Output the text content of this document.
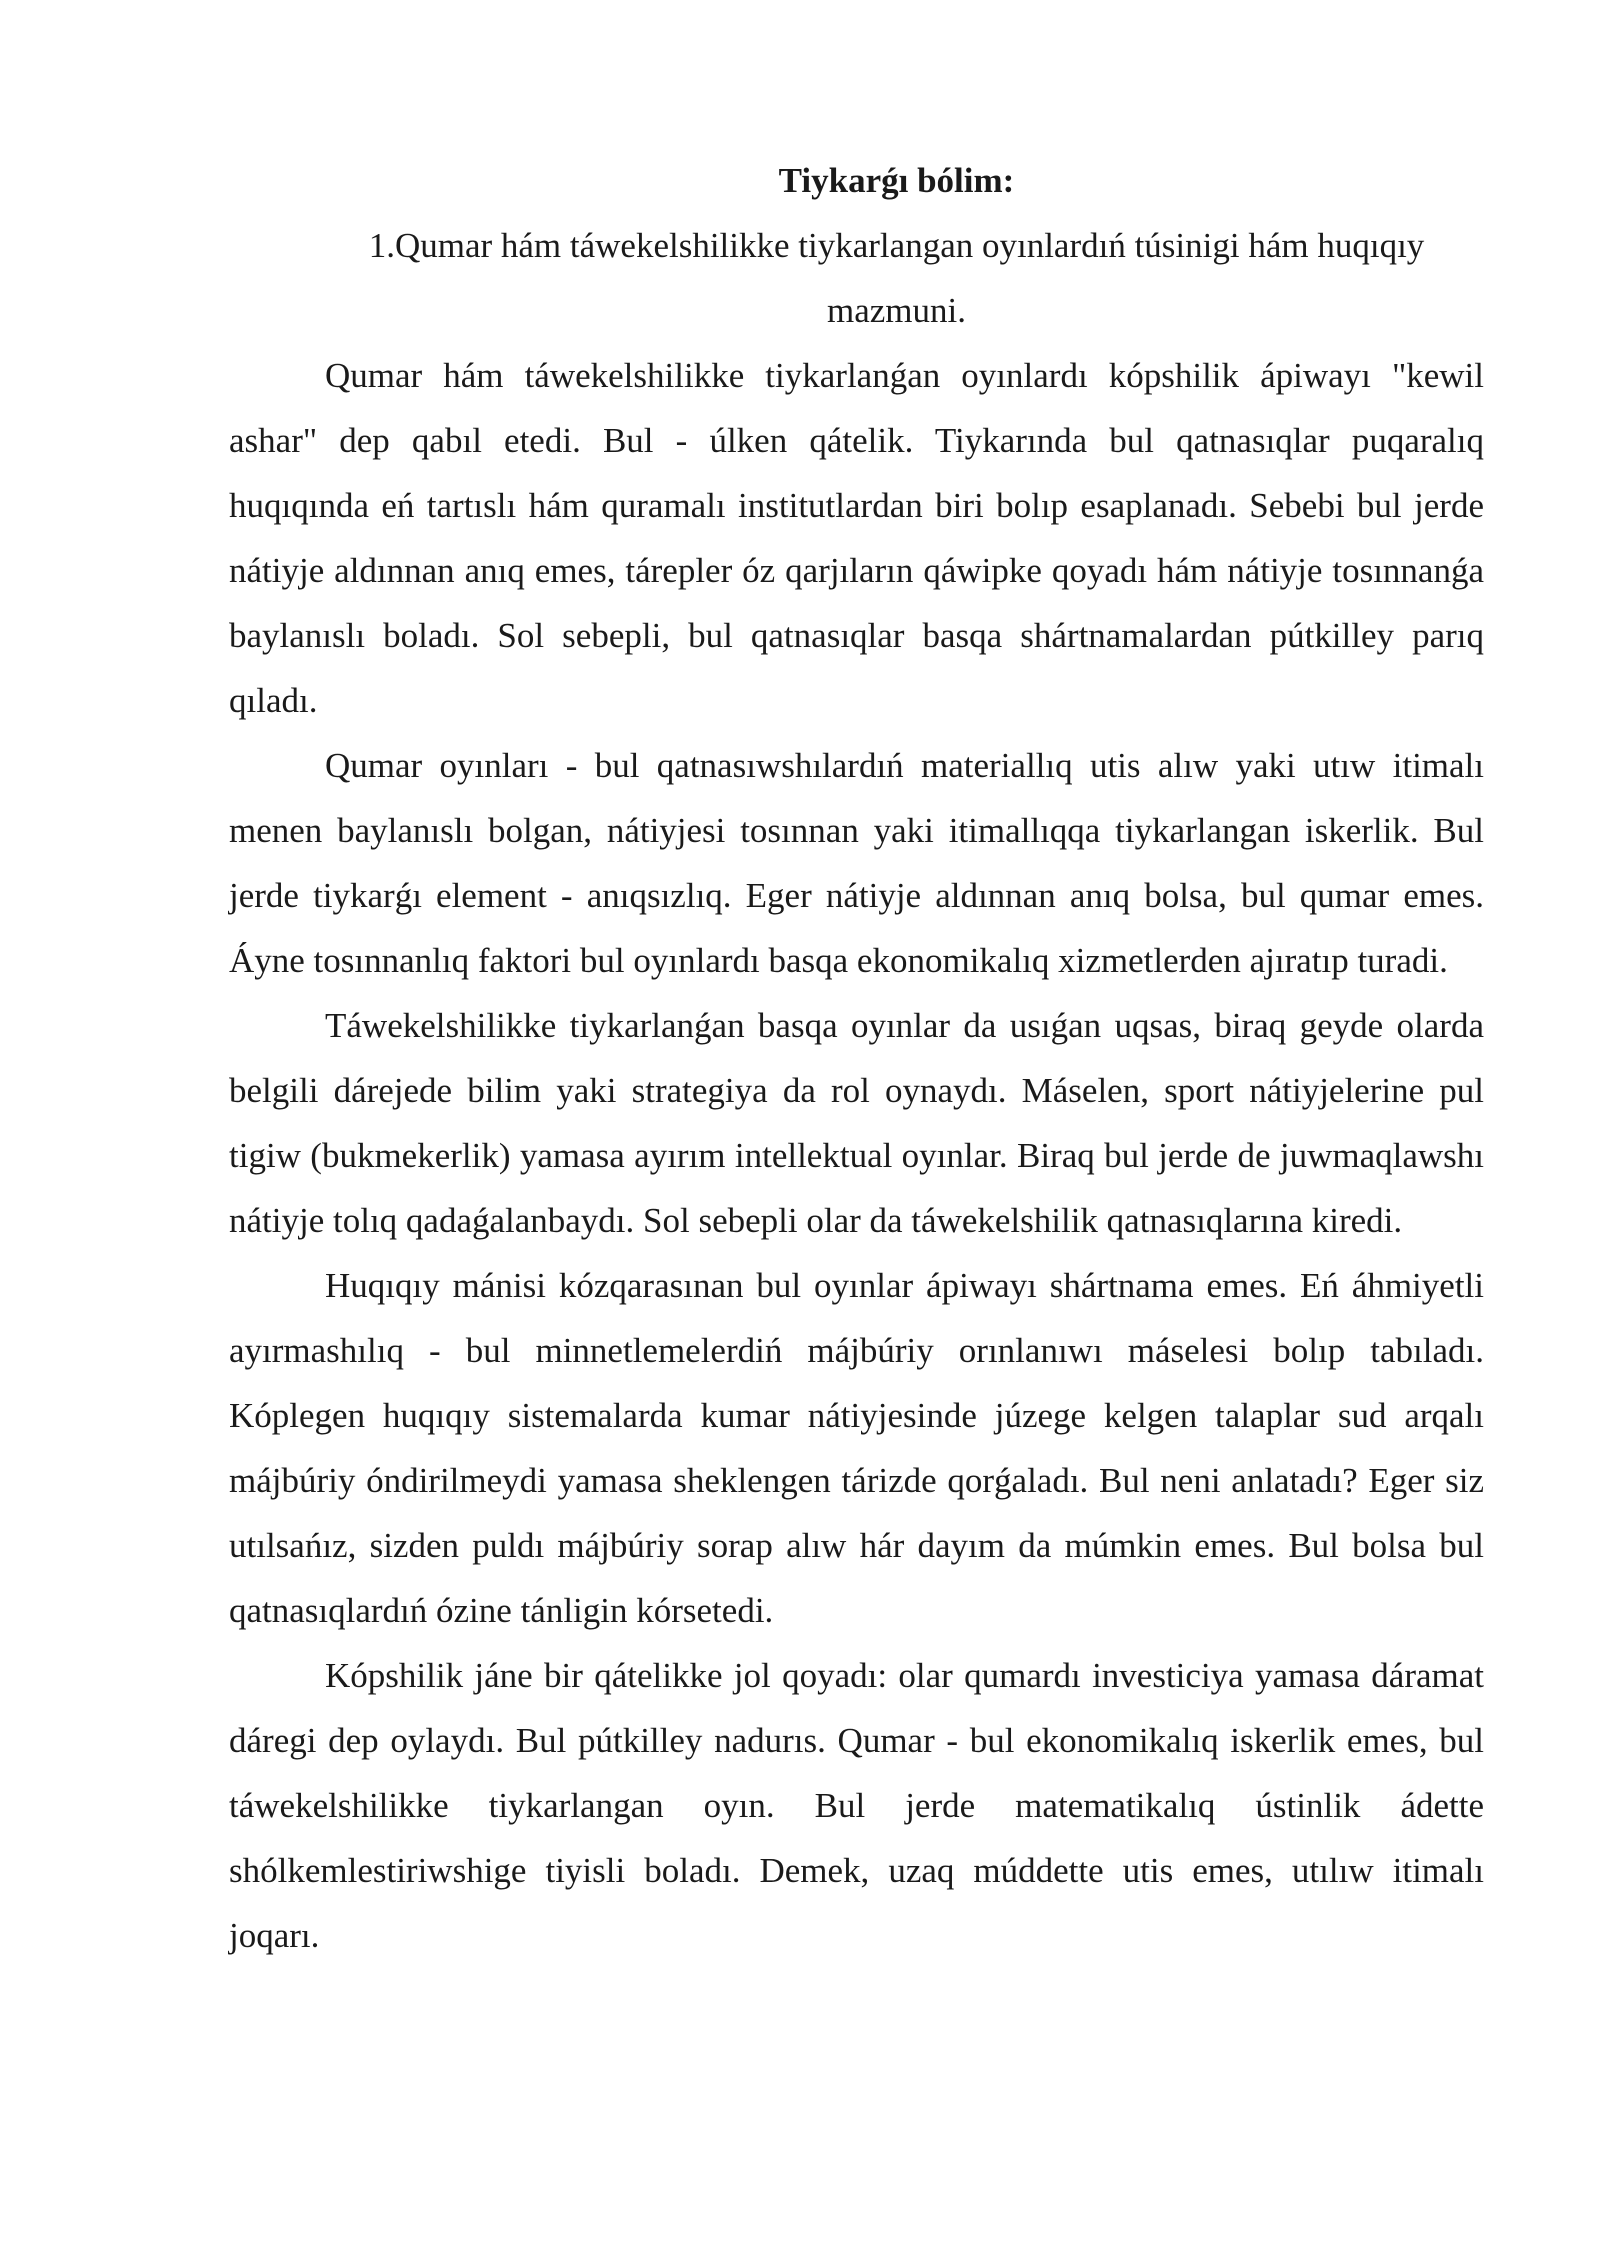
Tiykarǵı bólim:

1.Qumar hám táwekelshilikke tiykarlangan oyınlardıń túsinigi hám huqıqıy mazmuni.

Qumar hám táwekelshilikke tiykarlanǵan oyınlardı kópshilik ápiwayı "kewil ashar" dep qabıl etedi. Bul - úlken qátelik. Tiykarında bul qatnasıqlar puqaralıq huqıqında eń tartıslı hám quramalı institutlardan biri bolıp esaplanadı. Sebebi bul jerde nátiyje aldınnan anıq emes, tárepler óz qarjıların qáwipke qoyadı hám nátiyje tosınnanǵa baylanıslı boladı. Sol sebepli, bul qatnasıqlar basqa shártnamalardan pútkilley parıq qıladı.

Qumar oyınları - bul qatnasıwshılardıń materiallıq utis alıw yaki utıw itimalı menen baylanıslı bolgan, nátiyjesi tosınnan yaki itimallıqqa tiykarlangan iskerlik. Bul jerde tiykarǵı element - anıqsızlıq. Eger nátiyje aldınnan anıq bolsa, bul qumar emes. Áyne tosınnanlıq faktori bul oyınlardı basqa ekonomikalıq xizmetlerden ajıratıp turadi.

Táwekelshilikke tiykarlanǵan basqa oyınlar da usıǵan uqsas, biraq geyde olarda belgili dárejede bilim yaki strategiya da rol oynaydı. Máselen, sport nátiyjelerine pul tigiw (bukmekerlik) yamasa ayırım intellektual oyınlar. Biraq bul jerde de juwmaqlawshı nátiyje tolıq qadaǵalanbaydı. Sol sebepli olar da táwekelshilik qatnasıqlarına kiredi.

Huqıqıy mánisi kózqarasınan bul oyınlar ápiwayı shártnama emes. Eń áhmiyetli ayırmashılıq - bul minnetlemelerdiń májbúriy orınlanıwı máselesi bolıp tabıladı. Kóplegen huqıqıy sistemalarda kumar nátiyjesinde júzege kelgen talaplar sud arqalı májbúriy óndirilmeydi yamasa sheklengen tárizde qorǵaladı. Bul neni anlatadı? Eger siz utılsańız, sizden puldı májbúriy sorap alıw hár dayım da múmkin emes. Bul bolsa bul qatnasıqlardıń ózine tánligin kórsetedi.

Kópshilik jáne bir qátelikke jol qoyadı: olar qumardı investiciya yamasa dáramat dáregi dep oylaydı. Bul pútkilley nadurıs. Qumar - bul ekonomikalıq iskerlik emes, bul táwekelshilikke tiykarlangan oyın. Bul jerde matematikalıq ústinlik ádette shólkemlestiriwshige tiyisli boladı. Demek, uzaq múddette utis emes, utılıw itimalı joqarı.
